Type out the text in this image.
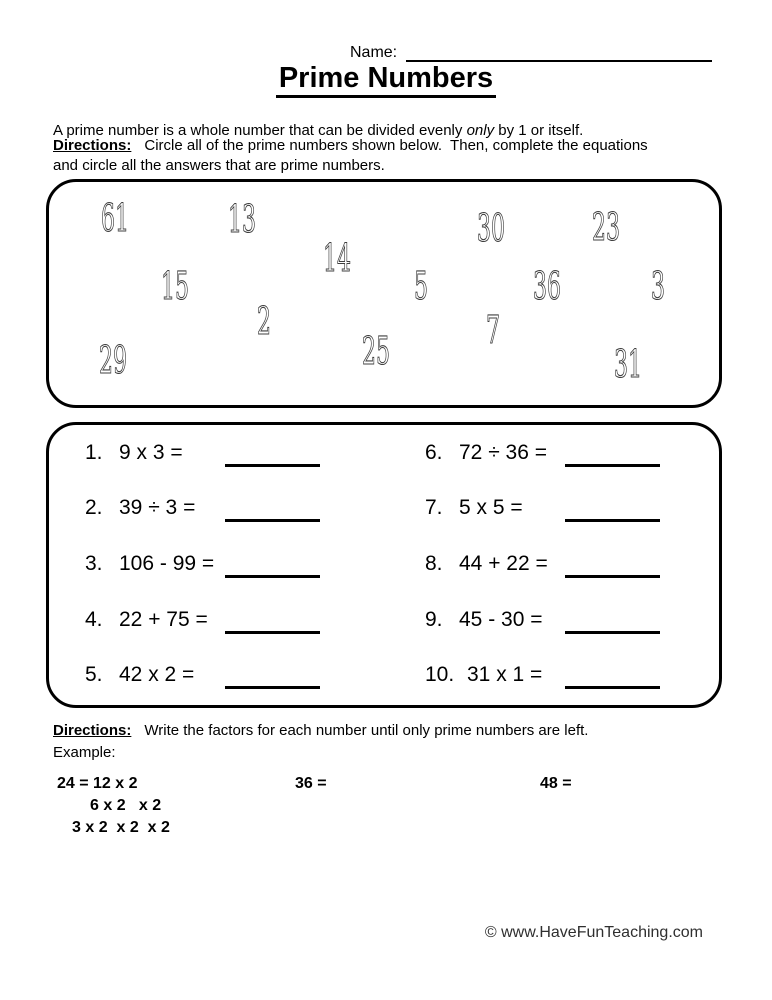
Name:
Prime Numbers

A prime number is a whole number that can be divided evenly only by 1 or itself.

Directions: Circle all of the prime numbers shown below.  Then, complete the equations
and circle all the answers that are prime numbers.
61	13	30 23
14
15	5	36 3
2	7
25
29	31
1. 9 x 3 =
2. 39 ÷ 3 =
3. 106 - 99 =
4. 22 + 75 =
5. 42 x 2 =
6. 72 ÷ 36 =
7. 5 x 5 =
8. 44 + 22 =
9. 45 - 30 =
10. 31 x 1 =
Directions: Write the factors for each number until only prime numbers are left.
Example:
24 = 12 x 2	36 =	48 =
6 x 2   x 2
3 x 2  x 2  x 2
© www.HaveFunTeaching.com
